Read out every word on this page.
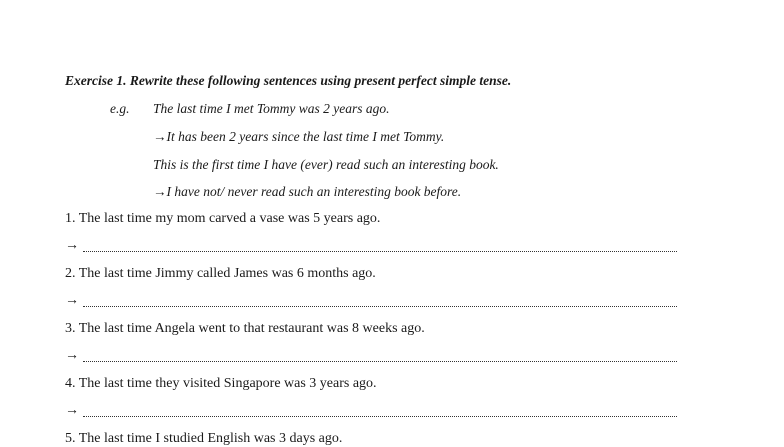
Exercise 1. Rewrite these following sentences using present perfect simple tense.
e.g. The last time I met Tommy was 2 years ago.
→It has been 2 years since the last time I met Tommy.
This is the first time I have (ever) read such an interesting book.
→I have not/ never read such an interesting book before.
1. The last time my mom carved a vase was 5 years ago.
→
2. The last time Jimmy called James was 6 months ago.
→
3. The last time Angela went to that restaurant was 8 weeks ago.
→
4. The last time they visited Singapore was 3 years ago.
→
5. The last time I studied English was 3 days ago.
